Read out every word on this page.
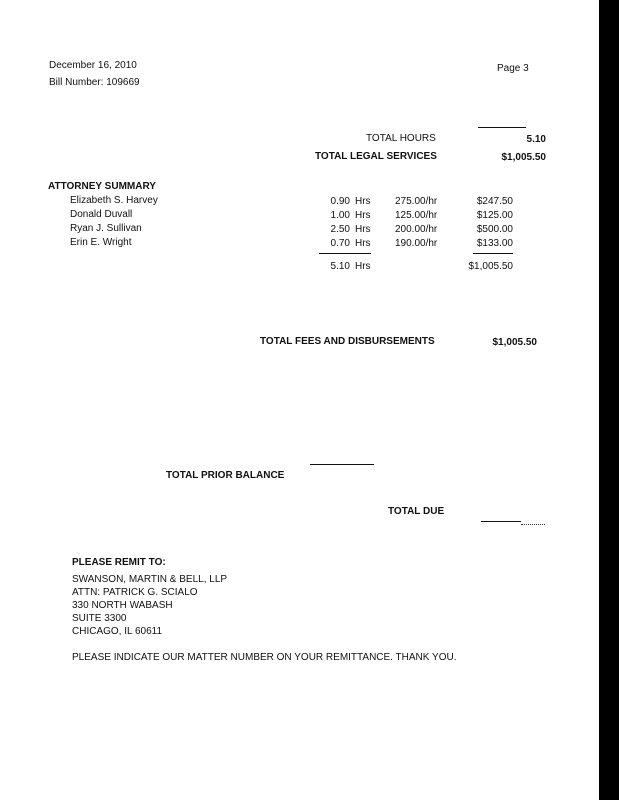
December 16, 2010
Bill Number: 109669
Page 3
TOTAL HOURS	5.10
TOTAL LEGAL SERVICES	$1,005.50
ATTORNEY SUMMARY
Elizabeth S. Harvey	0.90 Hrs 275.00/hr	$247.50
Donald Duvall	1.00 Hrs 125.00/hr	$125.00
Ryan J. Sullivan	2.50 Hrs 200.00/hr	$500.00
Erin E. Wright	0.70 Hrs 190.00/hr	$133.00
5.10 Hrs	$1,005.50
TOTAL FEES AND DISBURSEMENTS	$1,005.50
TOTAL PRIOR BALANCE
TOTAL DUE
PLEASE REMIT TO:
SWANSON, MARTIN & BELL, LLP
ATTN: PATRICK G. SCIALO
330 NORTH WABASH
SUITE 3300
CHICAGO, IL 60611
PLEASE INDICATE OUR MATTER NUMBER ON YOUR REMITTANCE. THANK YOU.
